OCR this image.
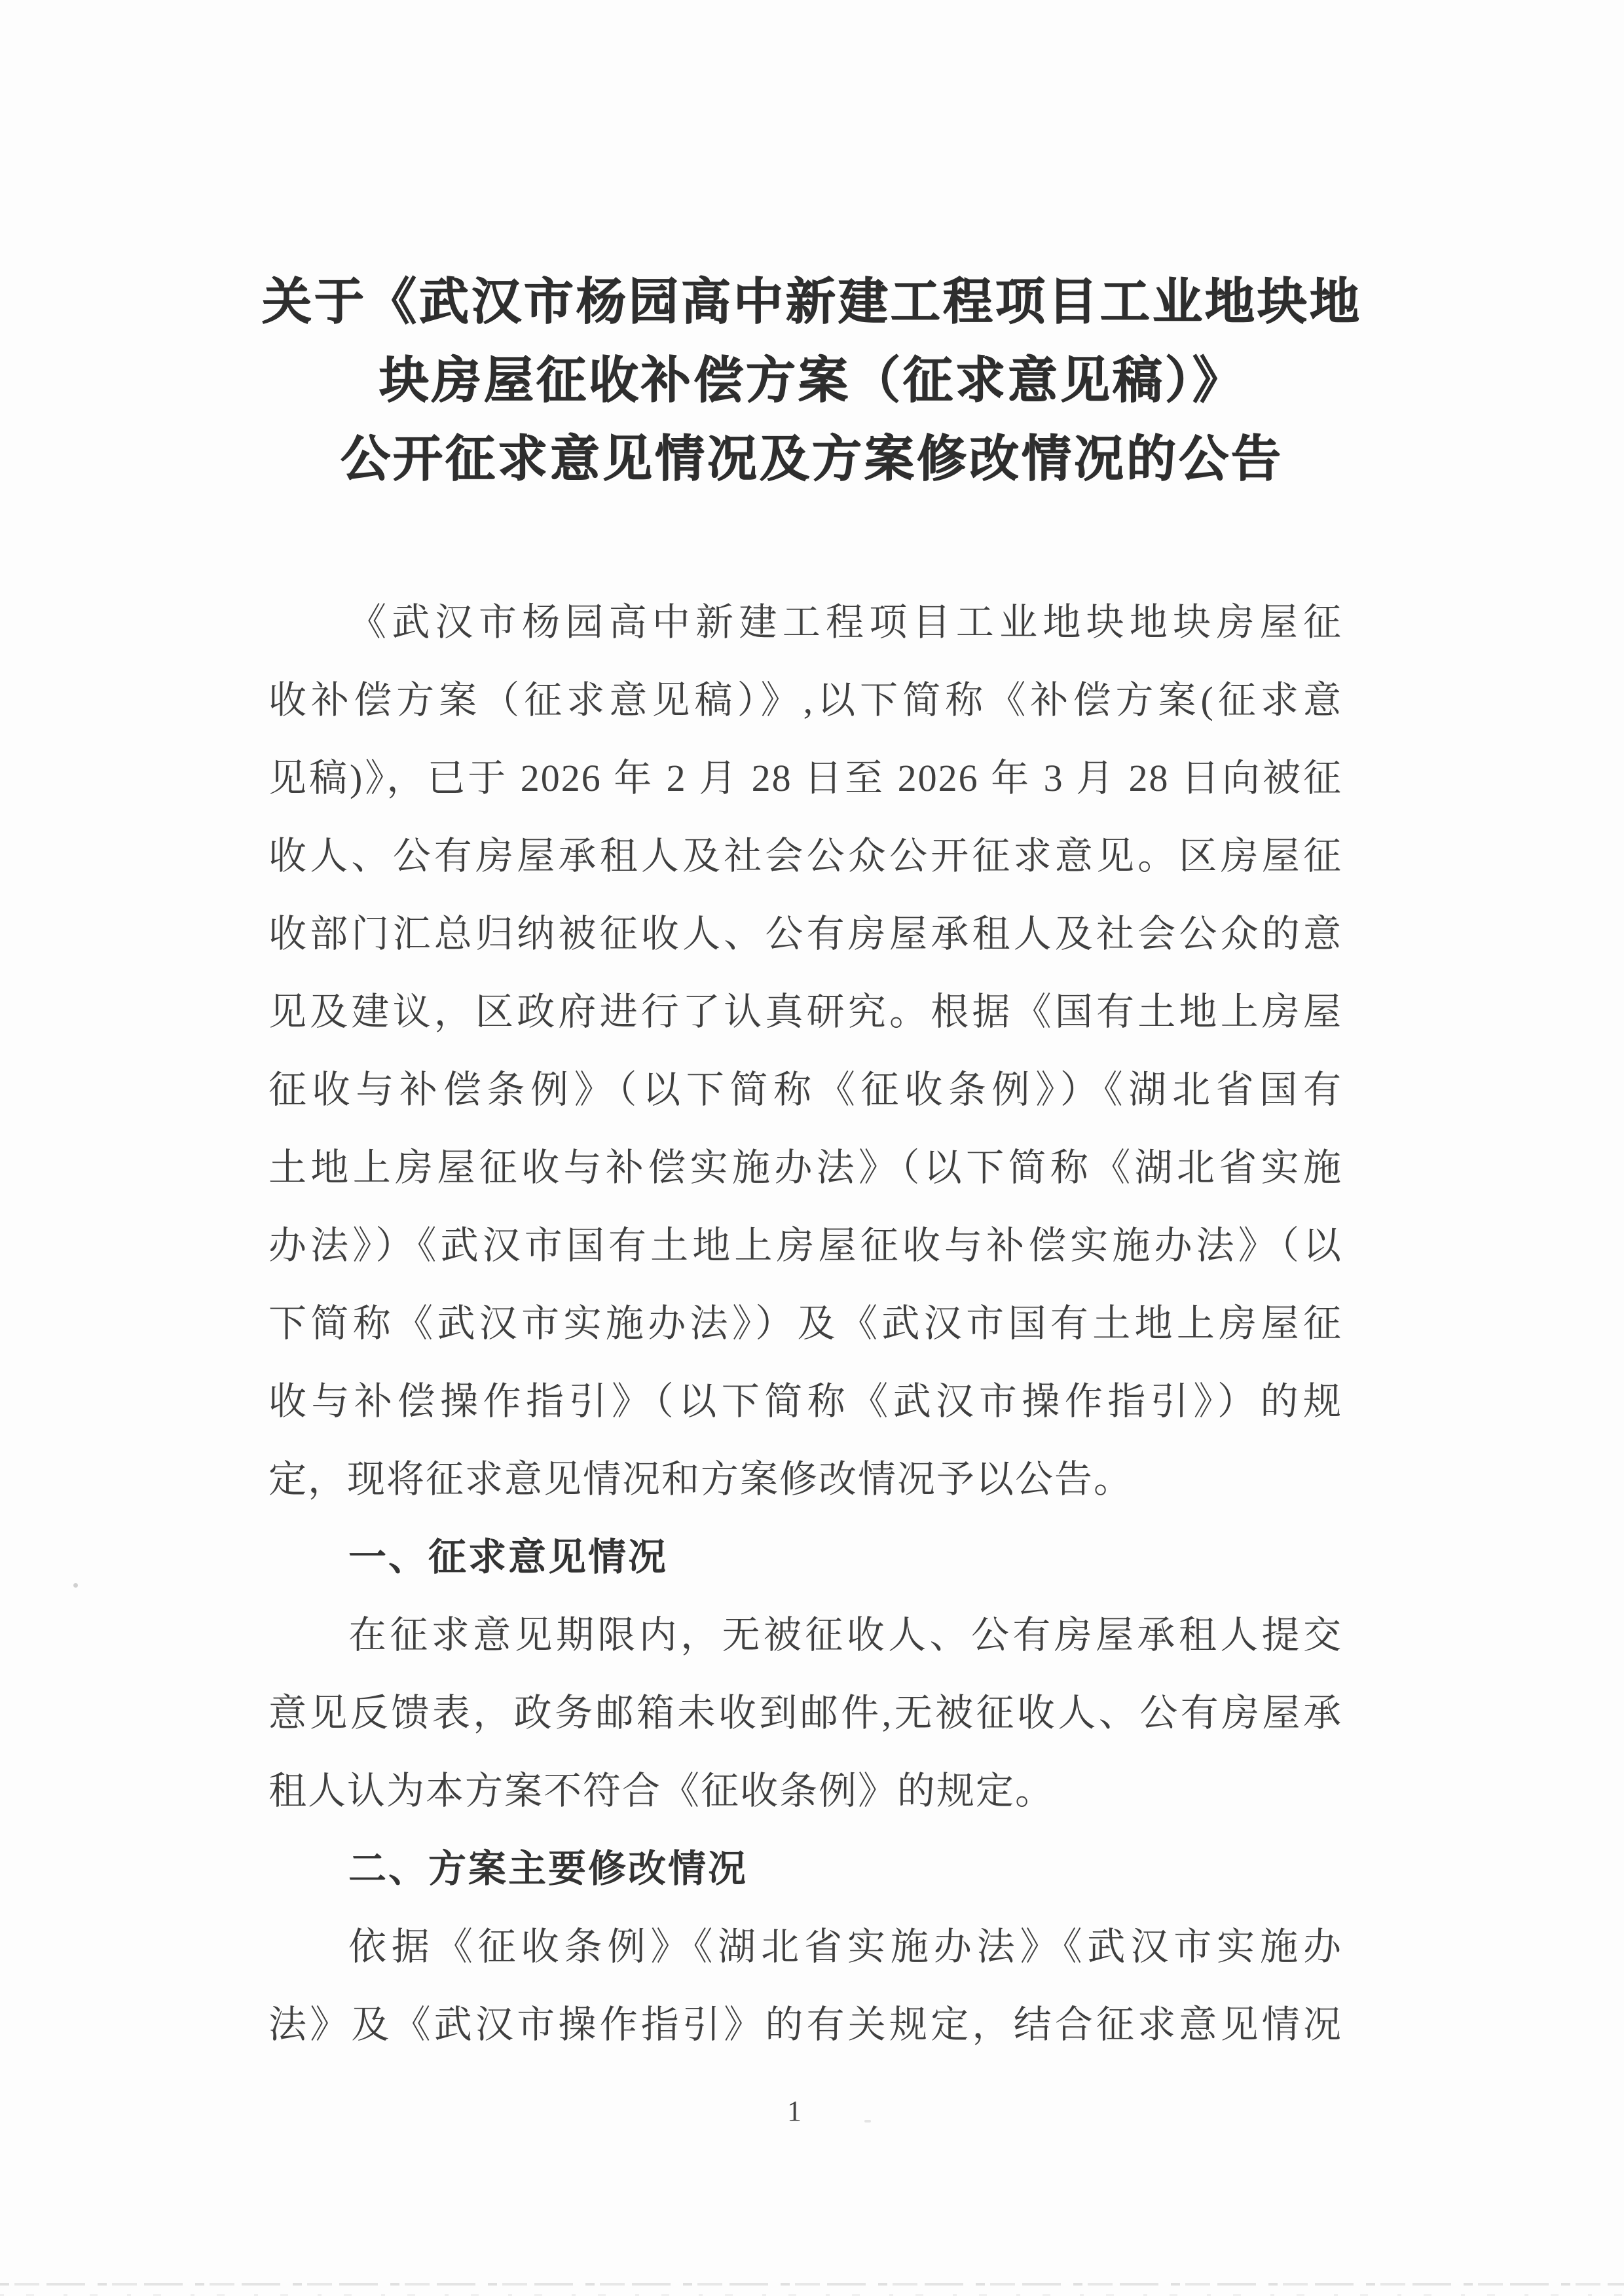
关于《武汉市杨园高中新建工程项目工业地块地
块房屋征收补偿方案（征求意见稿）》
公开征求意见情况及方案修改情况的公告
《武汉市杨园高中新建工程项目工业地块地块房屋征
收补偿方案（征求意见稿）》,以下简称《补偿方案(征求意
见稿)》，已于 2026 年 2 月 28 日至 2026 年 3 月 28 日向被征
收人、公有房屋承租人及社会公众公开征求意见。区房屋征
收部门汇总归纳被征收人、公有房屋承租人及社会公众的意
见及建议，区政府进行了认真研究。根据《国有土地上房屋
征收与补偿条例》（以下简称《征收条例》）《湖北省国有
土地上房屋征收与补偿实施办法》（以下简称《湖北省实施
办法》）《武汉市国有土地上房屋征收与补偿实施办法》（以
下简称《武汉市实施办法》）及《武汉市国有土地上房屋征
收与补偿操作指引》（以下简称《武汉市操作指引》）的规
定，现将征求意见情况和方案修改情况予以公告。
一、征求意见情况
在征求意见期限内，无被征收人、公有房屋承租人提交
意见反馈表，政务邮箱未收到邮件,无被征收人、公有房屋承
租人认为本方案不符合《征收条例》的规定。
二、方案主要修改情况
依据《征收条例》《湖北省实施办法》《武汉市实施办
法》及《武汉市操作指引》的有关规定，结合征求意见情况
1
